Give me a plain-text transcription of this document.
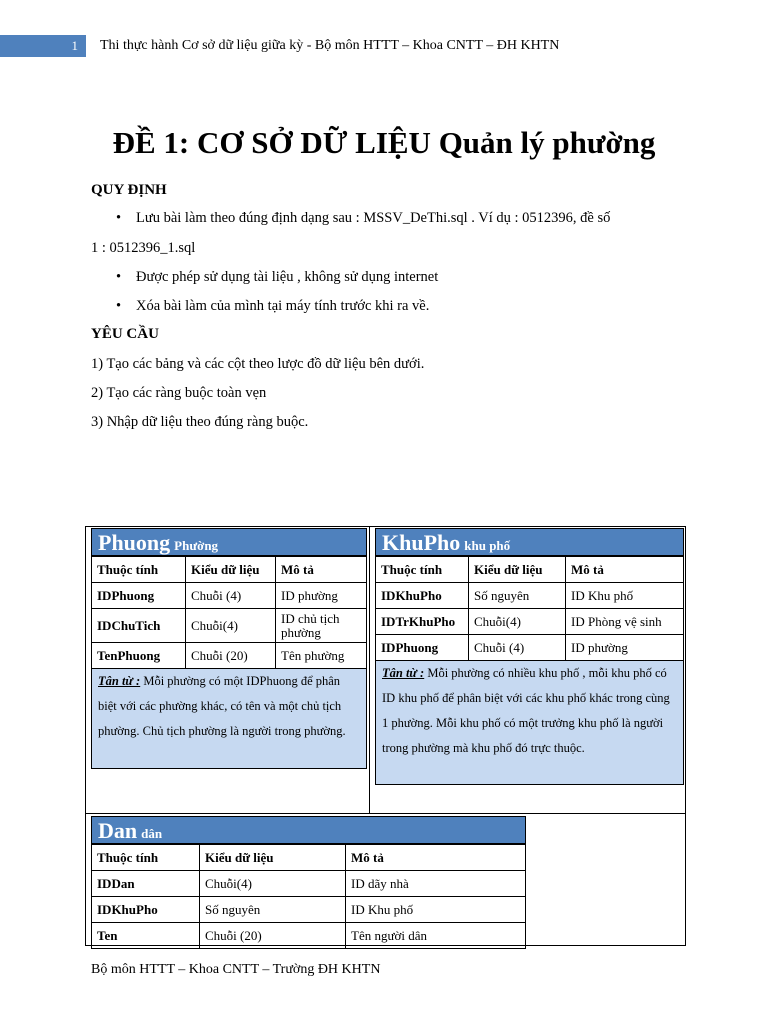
1	Thi thực hành Cơ sở dữ liệu giữa kỳ - Bộ môn HTTT – Khoa CNTT – ĐH KHTN
ĐỀ 1: CƠ SỞ DỮ LIỆU Quản lý phường
QUY ĐỊNH
• Lưu bài làm theo đúng định dạng sau : MSSV_DeThi.sql . Ví dụ : 0512396, đề số
1 : 0512396_1.sql
• Được phép sử dụng tài liệu , không sử dụng internet
• Xóa bài làm của mình tại máy tính trước khi ra về.
YÊU CẦU
1) Tạo các bảng và các cột theo lược đồ dữ liệu bên dưới.
2) Tạo các ràng buộc toàn vẹn
3) Nhập dữ liệu theo đúng ràng buộc.
Phuong Phường
Thuộc tính	Kiểu dữ liệu	Mô tả
IDPhuong	Chuỗi (4)	ID phường
IDChuTich	Chuỗi(4)	ID chủ tịch phường
TenPhuong	Chuỗi (20)	Tên phường
Tân từ : Mỗi phường có một IDPhuong để phân biệt với các phường khác, có tên và một chủ tịch phường. Chủ tịch phường là người trong phường.
KhuPho khu phố
Thuộc tính	Kiểu dữ liệu	Mô tả
IDKhuPho	Số nguyên	ID Khu phố
IDTrKhuPho	Chuỗi(4)	ID Phòng vệ sinh
IDPhuong	Chuỗi (4)	ID phường
Tân từ : Mỗi phường có nhiều khu phố , mỗi khu phố có ID khu phố để phân biệt với các khu phố khác trong cùng 1 phường. Mỗi khu phố có một trưởng khu phố là người trong phường mà khu phố đó trực thuộc.
Dan dân
Thuộc tính	Kiểu dữ liệu	Mô tả
IDDan	Chuỗi(4)	ID dãy nhà
IDKhuPho	Số nguyên	ID Khu phố
Ten	Chuỗi (20)	Tên người dân
Bộ môn HTTT – Khoa CNTT – Trường ĐH KHTN
